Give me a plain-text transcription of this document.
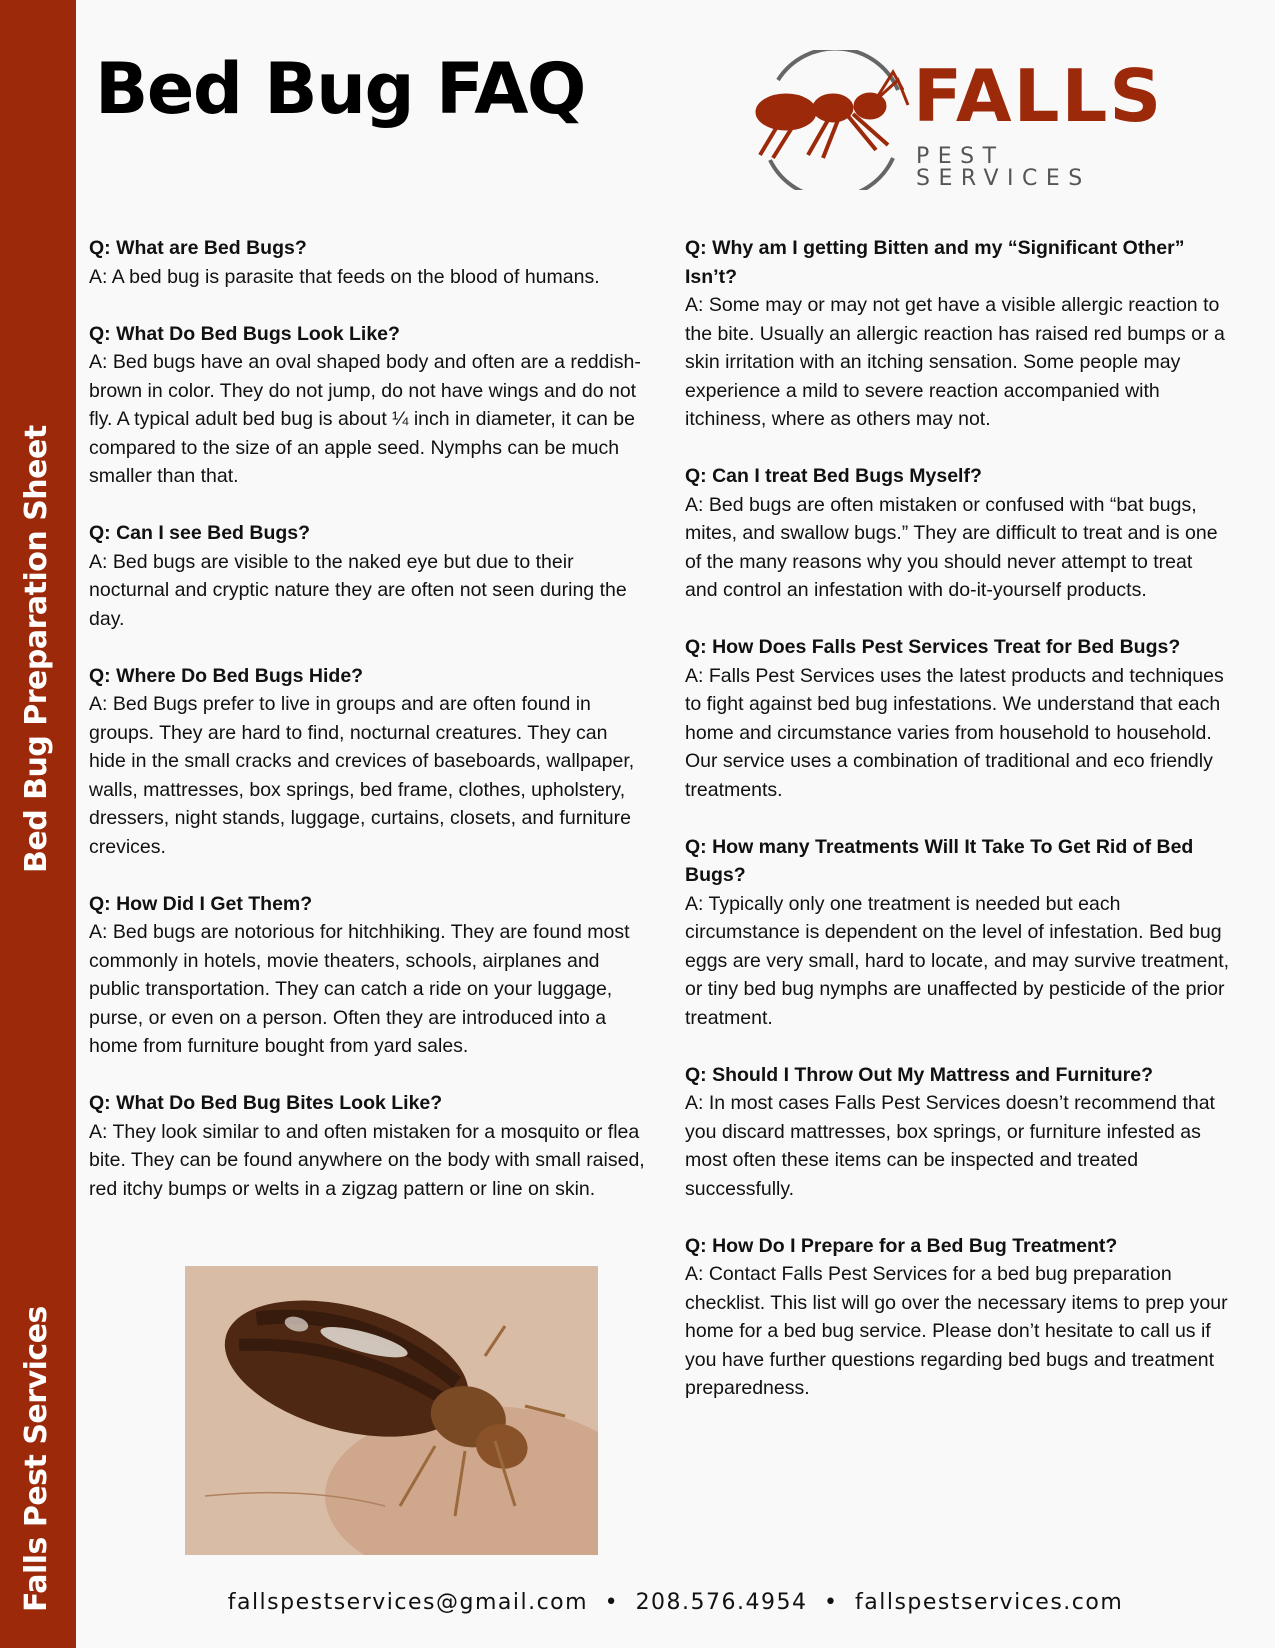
Bed Bug Preparation Sheet
Falls Pest Services
Bed Bug FAQ	FALLS
PEST SERVICES

Q: What are Bed Bugs?

A: A bed bug is parasite that feeds on the blood of humans.

Q: What Do Bed Bugs Look Like?

A: Bed bugs have an oval shaped body and often are a reddish-brown in color. They do not jump, do not have wings and do not fly. A typical adult bed bug is about ¼ inch in diameter, it can be compared to the size of an apple seed. Nymphs can be much smaller than that.

Q: Can I see Bed Bugs?

A: Bed bugs are visible to the naked eye but due to their nocturnal and cryptic nature they are often not seen during the day.

Q: Where Do Bed Bugs Hide?

A: Bed Bugs prefer to live in groups and are often found in groups. They are hard to find, nocturnal creatures. They can hide in the small cracks and crevices of baseboards, wallpaper, walls, mattresses, box springs, bed frame, clothes, upholstery, dressers, night stands, luggage, curtains, closets, and furniture crevices.

Q: How Did I Get Them?

A: Bed bugs are notorious for hitchhiking. They are found most commonly in hotels, movie theaters, schools, airplanes and public transportation. They can catch a ride on your luggage, purse, or even on a person. Often they are introduced into a home from furniture bought from yard sales.

Q: What Do Bed Bug Bites Look Like?

A: They look similar to and often mistaken for a mosquito or flea bite. They can be found anywhere on the body with small raised, red itchy bumps or welts in a zigzag pattern or line on skin.

Q: Why am I getting Bitten and my “Significant Other” Isn’t?

A: Some may or may not get have a visible allergic reaction to the bite. Usually an allergic reaction has raised red bumps or a skin irritation with an itching sensation. Some people may experience a mild to severe reaction accompanied with itchiness, where as others may not.

Q: Can I treat Bed Bugs Myself?

A: Bed bugs are often mistaken or confused with “bat bugs, mites, and swallow bugs.” They are difficult to treat and is one of the many reasons why you should never attempt to treat and control an infestation with do-it-yourself products.

Q: How Does Falls Pest Services Treat for Bed Bugs?

A: Falls Pest Services uses the latest products and techniques to fight against bed bug infestations. We understand that each home and circumstance varies from household to household. Our service uses a combination of traditional and eco friendly treatments.

Q: How many Treatments Will It Take To Get Rid of Bed Bugs?

A: Typically only one treatment is needed but each circumstance is dependent on the level of infestation. Bed bug eggs are very small, hard to locate, and may survive treatment, or tiny bed bug nymphs are unaffected by pesticide of the prior treatment.

Q: Should I Throw Out My Mattress and Furniture?

A: In most cases Falls Pest Services doesn’t recommend that you discard mattresses, box springs, or furniture infested as most often these items can be inspected and treated successfully.

Q: How Do I Prepare for a Bed Bug Treatment?

A: Contact Falls Pest Services for a bed bug preparation checklist. This list will go over the necessary items to prep your home for a bed bug service. Please don’t hesitate to call us if you have further questions regarding bed bugs and treatment preparedness.

fallspestservices@gmail.com • 208.576.4954 • fallspestservices.com
